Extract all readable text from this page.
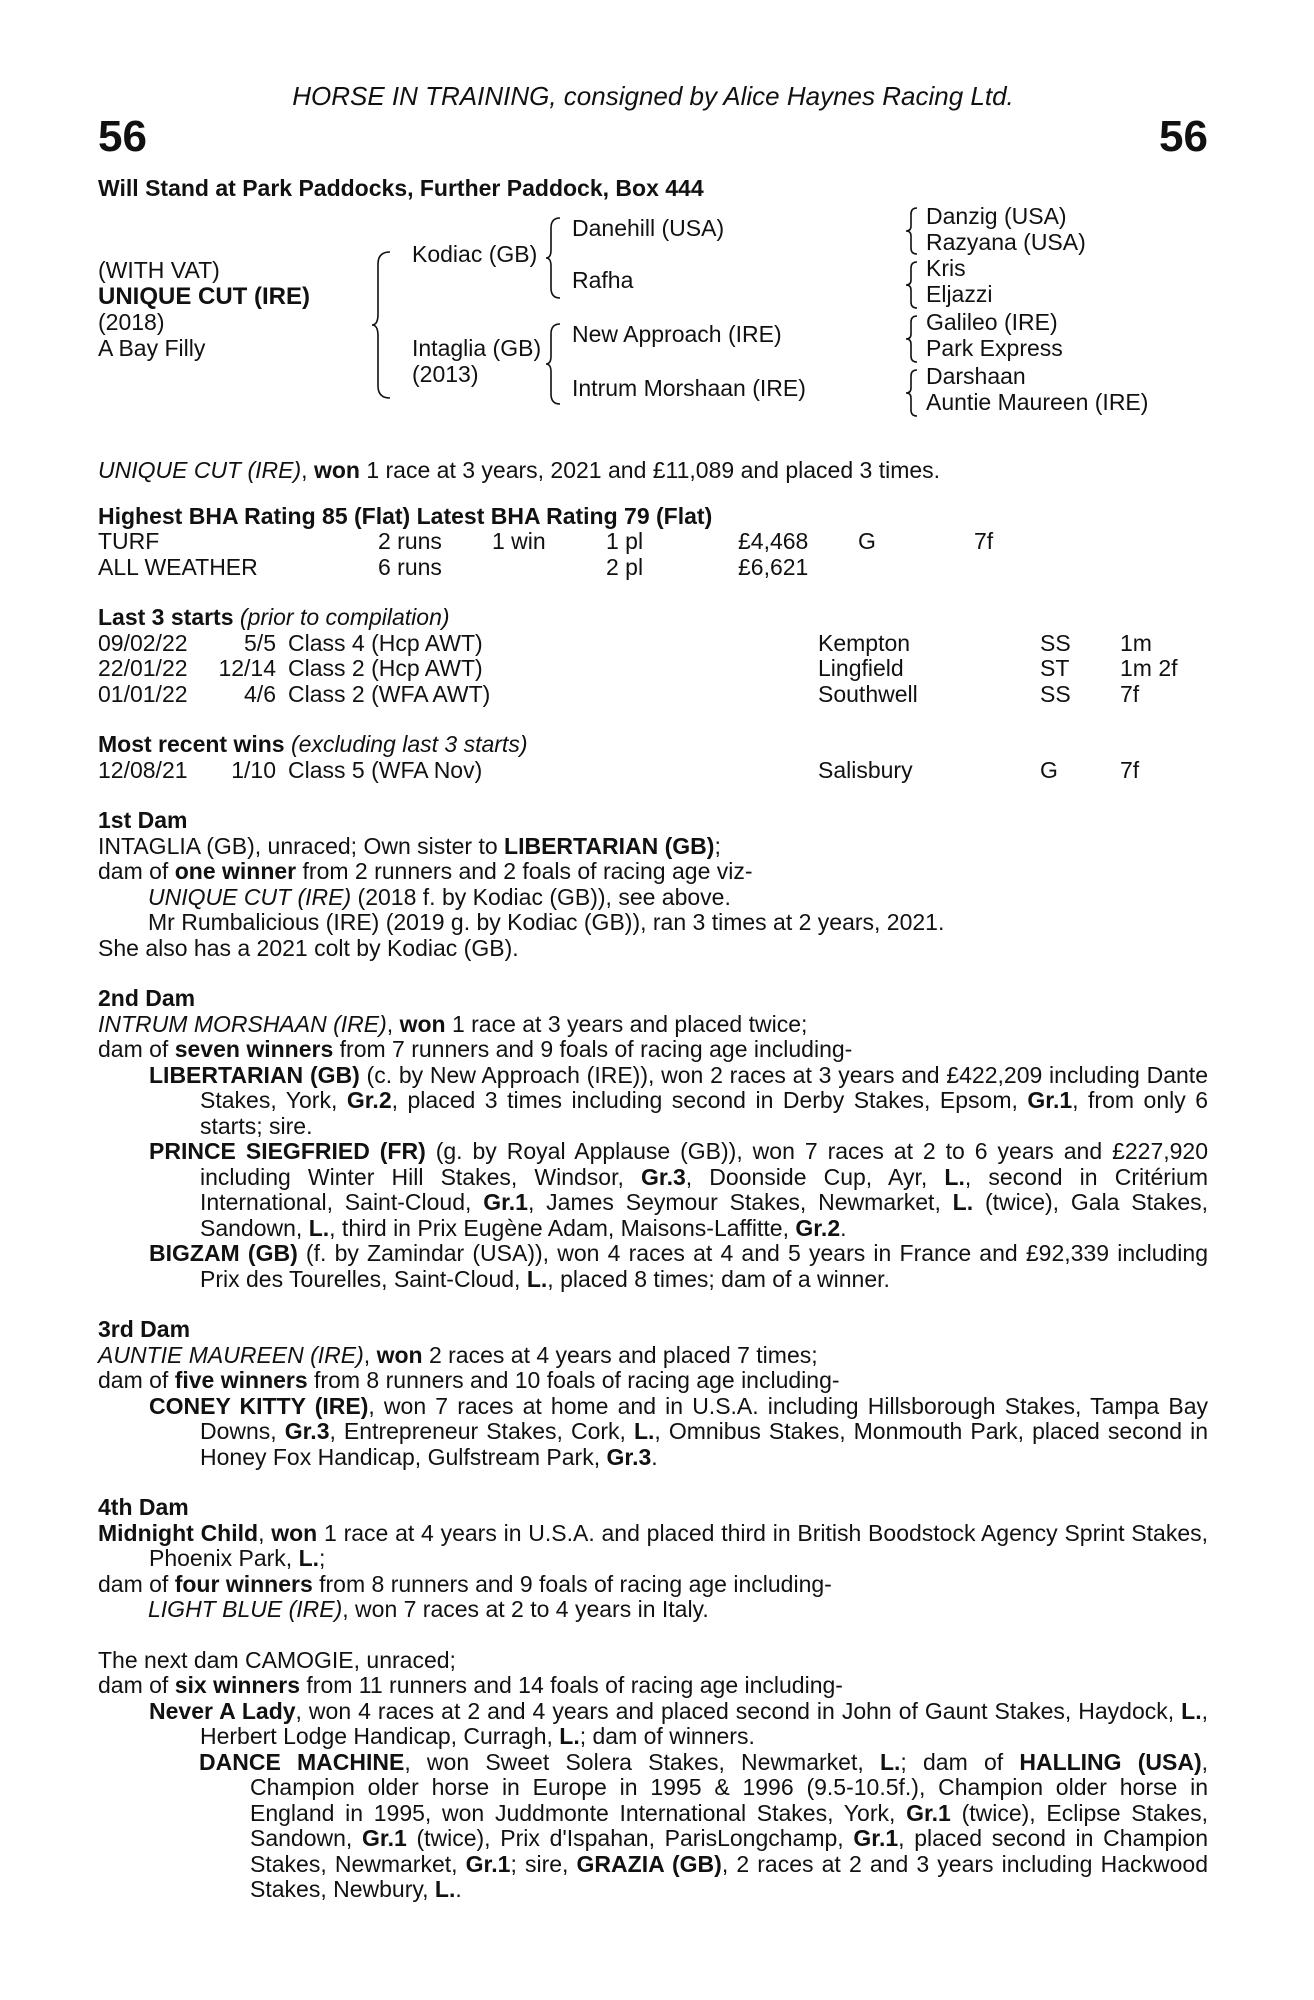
HORSE IN TRAINING, consigned by Alice Haynes Racing Ltd.
56	56
Will Stand at Park Paddocks, Further Paddock, Box 444
(WITH VAT)
UNIQUE CUT (IRE)
(2018)
A Bay Filly
Kodiac (GB)
Intaglia (GB)
(2013)
Danehill (USA)
Rafha
New Approach (IRE)
Intrum Morshaan (IRE)
Danzig (USA)
Razyana (USA)
Kris
Eljazzi
Galileo (IRE)
Park Express
Darshaan
Auntie Maureen (IRE)

UNIQUE CUT (IRE), won 1 race at 3 years, 2021 and £11,089 and placed 3 times.

Highest BHA Rating 85 (Flat) Latest BHA Rating 79 (Flat)

TURF	2 runs 1 win	1 pl	£4,468 G	7f
ALL WEATHER	6 runs	2 pl	£6,621

Last 3 starts (prior to compilation)

09/02/22	5/5 Class 4 (Hcp AWT)	Kempton	SS 1m
22/01/22	12/14 Class 2 (Hcp AWT)	Lingfield	ST 1m 2f
01/01/22	4/6 Class 2 (WFA AWT)	Southwell	SS 7f

Most recent wins (excluding last 3 starts)

12/08/21	1/10 Class 5 (WFA Nov)	Salisbury	G	7f

1st Dam

INTAGLIA (GB), unraced; Own sister to LIBERTARIAN (GB);

dam of one winner from 2 runners and 2 foals of racing age viz-

UNIQUE CUT (IRE) (2018 f. by Kodiac (GB)), see above.

Mr Rumbalicious (IRE) (2019 g. by Kodiac (GB)), ran 3 times at 2 years, 2021.

She also has a 2021 colt by Kodiac (GB).

2nd Dam

INTRUM MORSHAAN (IRE), won 1 race at 3 years and placed twice;

dam of seven winners from 7 runners and 9 foals of racing age including-

LIBERTARIAN (GB) (c. by New Approach (IRE)), won 2 races at 3 years and £422,209 including Dante Stakes, York, Gr.2, placed 3 times including second in Derby Stakes, Epsom, Gr.1, from only 6 starts; sire.

PRINCE SIEGFRIED (FR) (g. by Royal Applause (GB)), won 7 races at 2 to 6 years and £227,920 including Winter Hill Stakes, Windsor, Gr.3, Doonside Cup, Ayr, L., second in Critérium International, Saint-Cloud, Gr.1, James Seymour Stakes, Newmarket, L. (twice), Gala Stakes, Sandown, L., third in Prix Eugène Adam, Maisons-Laffitte, Gr.2.

BIGZAM (GB) (f. by Zamindar (USA)), won 4 races at 4 and 5 years in France and £92,339 including Prix des Tourelles, Saint-Cloud, L., placed 8 times; dam of a winner.

3rd Dam

AUNTIE MAUREEN (IRE), won 2 races at 4 years and placed 7 times;

dam of five winners from 8 runners and 10 foals of racing age including-

CONEY KITTY (IRE), won 7 races at home and in U.S.A. including Hillsborough Stakes, Tampa Bay Downs, Gr.3, Entrepreneur Stakes, Cork, L., Omnibus Stakes, Monmouth Park, placed second in Honey Fox Handicap, Gulfstream Park, Gr.3.

4th Dam

Midnight Child, won 1 race at 4 years in U.S.A. and placed third in British Boodstock Agency Sprint Stakes, Phoenix Park, L.;

dam of four winners from 8 runners and 9 foals of racing age including-

LIGHT BLUE (IRE), won 7 races at 2 to 4 years in Italy.

The next dam CAMOGIE, unraced;

dam of six winners from 11 runners and 14 foals of racing age including-

Never A Lady, won 4 races at 2 and 4 years and placed second in John of Gaunt Stakes, Haydock, L., Herbert Lodge Handicap, Curragh, L.; dam of winners.

DANCE MACHINE, won Sweet Solera Stakes, Newmarket, L.; dam of HALLING (USA), Champion older horse in Europe in 1995 & 1996 (9.5-10.5f.), Champion older horse in England in 1995, won Juddmonte International Stakes, York, Gr.1 (twice), Eclipse Stakes, Sandown, Gr.1 (twice), Prix d'Ispahan, ParisLongchamp, Gr.1, placed second in Champion Stakes, Newmarket, Gr.1; sire, GRAZIA (GB), 2 races at 2 and 3 years including Hackwood Stakes, Newbury, L..
